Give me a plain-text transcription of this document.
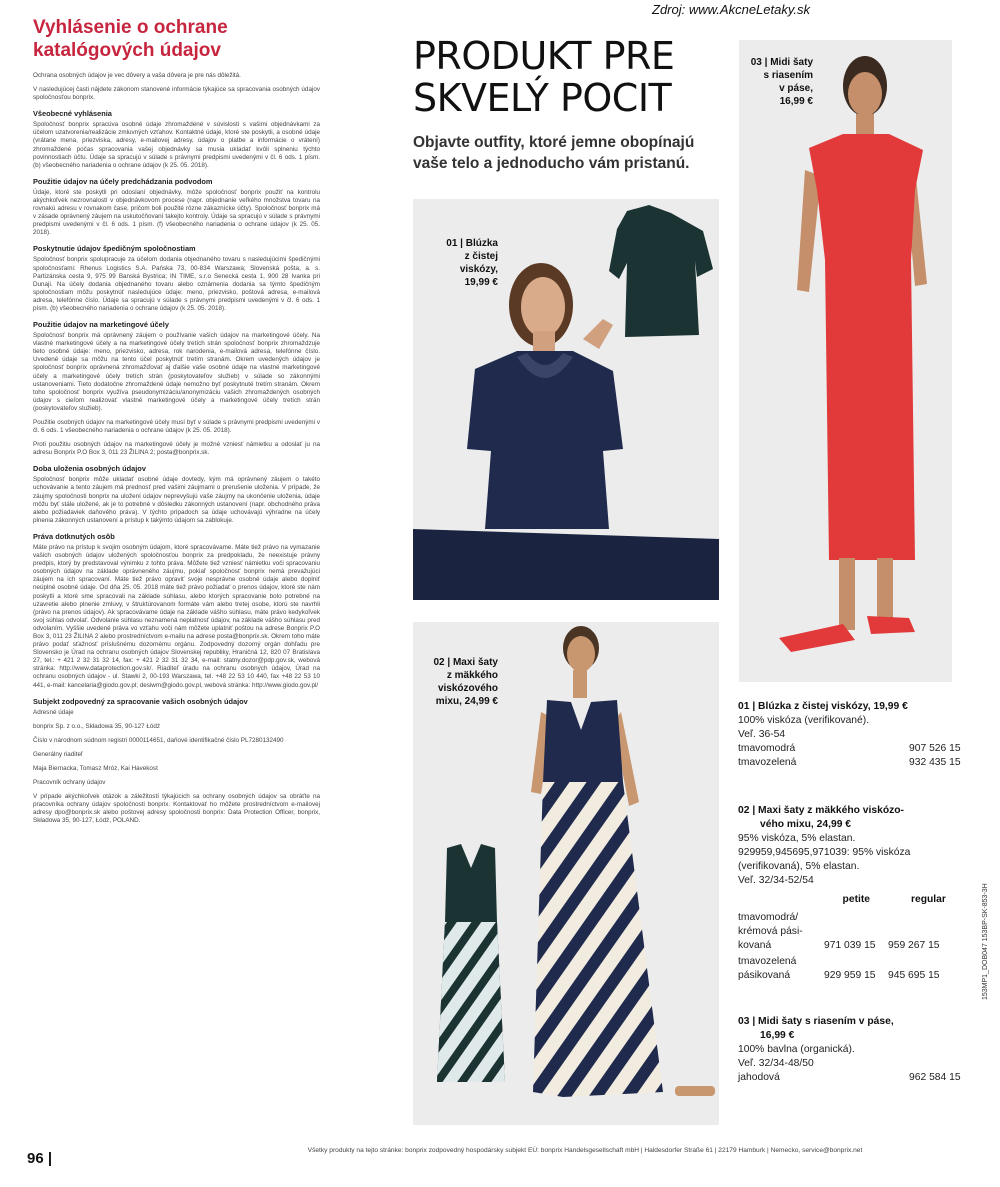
Zdroj: www.AkcneLetaky.sk
Vyhlásenie o ochrane katalógových údajov

Ochrana osobných údajov je vec dôvery a vaša dôvera je pre nás dôležitá.

V nasledujúcej časti nájdete zákonom stanovené informácie týkajúce sa spracovania osobných údajov spoločnosťou bonprix.

Všeobecné vyhlásenia

Spoločnosť bonprix spracúva osobné údaje zhromaždené v súvislosti s vašimi objednávkami za účelom uzatvorenia/realizácie zmluvných vzťahov. Kontaktné údaje, ktoré ste poskytli, a osobné údaje (vrátane mena, priezviska, adresy, e-mailovej adresy, údajov o platbe a informácie o vrátení) zhromaždené počas spracovania vašej objednávky sa musia ukladať kvôli splneniu týchto povinnostiach účtu. Údaje sa spracujú v súlade s právnymi predpismi uvedenými v čl. 6 ods. 1 písm. (b) všeobecného nariadenia o ochrane údajov (k 25. 05. 2018).

Použitie údajov na účely predchádzania podvodom

Údaje, ktoré ste poskytli pri odoslaní objednávky, môže spoločnosť bonprix použiť na kontrolu akýchkoľvek nezrovnalostí v objednávkovom procese (napr. objednanie veľkého množstva tovaru na rovnakú adresu v rovnakom čase, pričom boli použité rôzne zákaznícke účty). Spoločnosť bonprix má v zásade oprávnený záujem na uskutočňovaní takejto kontroly. Údaje sa spracujú v súlade s právnymi predpismi uvedenými v čl. 6 ods. 1 písm. (f) všeobecného nariadenia o ochrane údajov (k 25. 05. 2018).

Poskytnutie údajov špedičným spoločnostiam

Spoločnosť bonprix spolupracuje za účelom dodania objednaného tovaru s nasledujúcimi špedičnými spoločnosťami: Rhenus Logistics S.A. Pańska 73, 00-834 Warszawa; Slovenská pošta, a. s. Partizánska cesta 9, 975 99 Banská Bystrica; IN TIME, s.r.o Senecká cesta 1, 900 28 Ivanka pri Dunaji. Na účely dodania objednaného tovaru alebo oznámenia dodania sa týmto špedičným spoločnostiam môžu poskytnúť nasledujúce údaje: meno, priezvisko, poštová adresa, e-mailová adresa, telefónne číslo. Údaje sa spracujú v súlade s právnymi predpismi uvedenými v čl. 6 ods. 1 písm. (b) všeobecného nariadenia o ochrane údajov (k 25. 05. 2018).

Použitie údajov na marketingové účely

Spoločnosť bonprix má oprávnený záujem o používanie vašich údajov na marketingové účely. Na vlastné marketingové účely a na marketingové účely tretích strán spoločnosť bonprix zhromaždzuje tieto osobné údaje: meno, priezvisko, adresa, rok narodenia, e-mailová adresa, telefónne číslo. Uvedené údaje sa môžu na tento účel poskytnúť tretím stranám. Okrem uvedených údajov je spoločnosť bonprix oprávnená zhromažďovať aj ďalšie vaše osobné údaje na vlastné marketingové účely a marketingové účely tretích strán (poskytovateľov služieb) v súlade so zákonnými ustanoveniami. Tieto dodatočne zhromaždené údaje nemožno byť poskytnuté tretím stranám. Okrem toho spoločnosť bonprix využíva pseudonymizáciu/anonymizáciu vašich zhromaždených osobných údajov s cieľom realizovať vlastné marketingové účely a marketingové účely tretích strán (poskytovateľov služieb).

Použitie osobných údajov na marketingové účely musí byť v súlade s právnymi predpismi uvedenými v čl. 6 ods. 1 všeobecného nariadenia o ochrane údajov (k 25. 05. 2018).

Proti použitiu osobných údajov na marketingové účely je možné vzniesť námietku a odoslať ju na adresu Bonprix P.O Box 3, 011 23 ŽILINA 2; posta@bonprix.sk.

Doba uloženia osobných údajov

Spoločnosť bonprix môže ukladať osobné údaje dovtedy, kým má oprávnený záujem o takéto uchovávanie a tento záujem má prednosť pred vašimi záujmami o prerušenie uloženia. V prípade, že záujmy spoločnosti bonprix na uložení údajov neprevyšujú vaše záujmy na ukončenie uloženia, údaje môžu byť stále uložené, ak je to potrebné v dôsledku zákonných ustanovení (napr. obchodného práva alebo požiadaviek daňového práva). V týchto prípadoch sa údaje uchovávajú výhradne na účely plnenia zákonných ustanovení a prístup k takýmto údajom sa zablokuje.

Práva dotknutých osôb

Máte právo na prístup k svojim osobným údajom, ktoré spracovávame. Máte tiež právo na vymazanie vašich osobných údajov uložených spoločnosťou bonprix za predpokladu, že neexistuje právny predpis, ktorý by predstavoval výnimku z tohto práva. Môžete tiež vzniesť námietku voči spracovaniu osobných údajov na základe oprávneného záujmu, pokiaľ spoločnosť bonprix nemá prevažujúci záujem na ich spracovaní. Máte tiež právo opraviť svoje nesprávne osobné údaje alebo doplniť neúplné osobné údaje. Od dňa 25. 05. 2018 máte tiež právo požiadať o prenos údajov, ktoré ste nám poskytli a ktoré sme spracovali na základe súhlasu, alebo ktorých spracovanie bolo potrebné na uzavretie alebo plnenie zmluvy, v štruktúrovanom formáte vám alebo tretej osobe, ktorú ste navrhli (právo na prenos údajov). Ak spracovávame údaje na základe vášho súhlasu, máte právo kedykoľvek svoj súhlas odvolať. Odvolanie súhlasu neznamená neplatnosť údajov, na základe vášho súhlasu pred odvolaním. Vyššie uvedené práva vo vzťahu voči nám môžete uplatniť poštou na adrese Bonprix P.O Box 3, 011 23 ŽILINA 2 alebo prostredníctvom e-mailu na adrese posta@bonprix.sk. Okrem toho máte právo podať sťažnosť príslušnému dozornému orgánu. Zodpovedný dozorný orgán dohľadu pre Slovensko je Úrad na ochranu osobných údajov Slovenskej republiky, Hraničná 12, 820 07 Bratislava 27, tel.: + 421 2 32 31 32 14, fax: + 421 2 32 31 32 34, e-mail: statny.dozor@pdp.gov.sk, webová stránka: http://www.dataprotection.gov.sk/. Riaditeľ úradu na ochranu osobných údajov, Úrad na ochranu osobných údajov - ul. Stawki 2, 00-193 Warszawa, tel. +48 22 53 10 440, fax +48 22 53 10 441, e-mail: kancelaria@giodo.gov.pl; desiwm@giodo.gov.pl, webová stránka: http://www.giodo.gov.pl/

Subjekt zodpovedný za spracovanie vašich osobných údajov

Adresné údaje

bonprix Sp. z o.o., Składowa 35, 90-127 Łódź

Číslo v národnom súdnom registri 0000114651, daňové identifikačné číslo PL7280132490

Generálny riaditeľ

Maja Biernacka, Tomasz Mróz, Kai Havekost

Pracovník ochrany údajov

V prípade akýchkoľvek otázok a záležitostí týkajúcich sa ochrany osobných údajov sa obráťte na pracovníka ochrany údajov spoločnosti bonprix. Kontaktovať ho môžete prostredníctvom e-mailovej adresy dpo@bonprix.sk alebo poštovej adresy spoločnosti bonprix: Data Protection Officer, bonprix, Składowa 35, 90-127, Łódź, POLAND.

PRODUKT PRE
SKVELÝ POCIT
Objavte outfity, ktoré jemne obopínajú vaše telo a jednoducho vám pristanú.
01 | Blúzka
z čistej
viskózy,
19,99 €
02 | Maxi šaty
z mäkkého
viskózového
mixu, 24,99 €
03 | Midi šaty
s riasením
v páse,
16,99 €
01 | Blúzka z čistej viskózy, 19,99 €
100% viskóza (verifikované).
Veľ. 36-54
tmavomodrá	907 526 15
tmavozelená	932 435 15
02 | Maxi šaty z mäkkého viskózo-
vého mixu, 24,99 €
95% viskóza, 5% elastan.
929959,945695,971039: 95% viskóza
(verifikovaná), 5% elastan.
Veľ. 32/34-52/54
petite	regular
tmavomodrá/
krémová pási-
kovaná	971 039 15	959 267 15
tmavozelená
pásikovaná	929 959 15	945 695 15
03 | Midi šaty s riasením v páse,
16,99 €
100% bavlna (organická).
Veľ. 32/34-48/50
jahodová	962 584 15
153MP1_DOB047 153BP-SK-853-3H
96 |	Všetky produkty na tejto stránke: bonprix zodpovedný hospodársky subjekt EÚ: bonprix Handelsgesellschaft mbH | Haldesdorfer Straße 61 | 22179 Hamburk | Nemecko, service@bonprix.net
